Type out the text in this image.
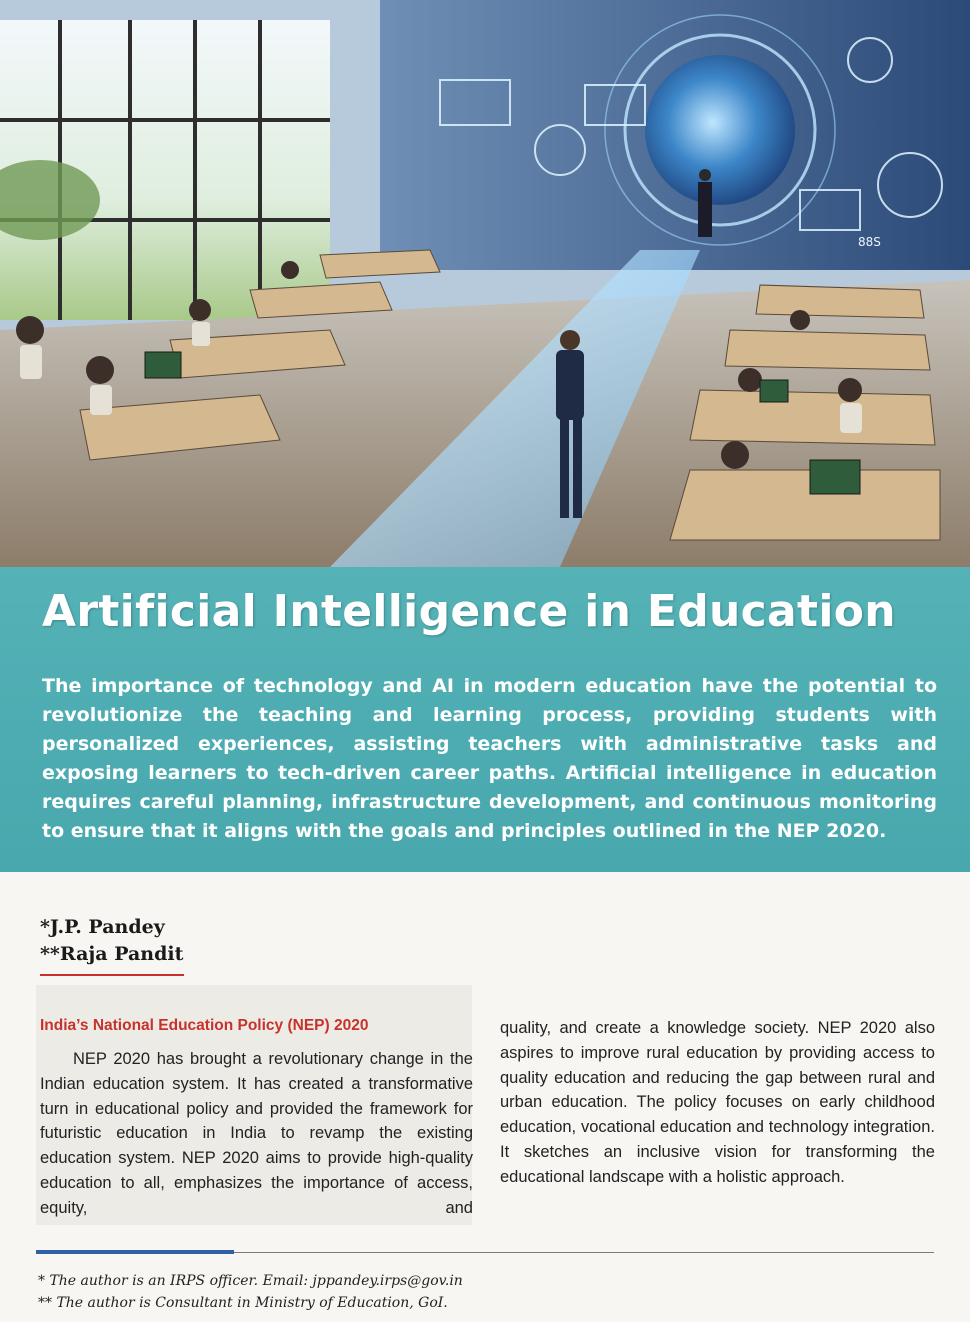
88S
Artificial Intelligence in Education
The importance of technology and AI in modern education have the potential to revolutionize the teaching and learning process, providing students with personalized experiences, assisting teachers with administrative tasks and exposing learners to tech-driven career paths. Artificial intelligence in education requires careful planning, infrastructure development, and continuous monitoring to ensure that it aligns with the goals and principles outlined in the NEP 2020.
*J.P. Pandey
**Raja Pandit
India’s National Education Policy (NEP) 2020
NEP 2020 has brought a revolutionary change in the Indian education system. It has created a transformative turn in educational policy and provided the framework for futuristic education in India to revamp the existing education system. NEP 2020 aims to provide high-quality education to all, emphasizes the importance of access, equity, and
quality, and create a knowledge society. NEP 2020 also aspires to improve rural education by providing access to quality education and reducing the gap between rural and urban education. The policy focuses on early childhood education, vocational education and technology integration. It sketches an inclusive vision for transforming the educational landscape with a holistic approach.
* The author is an IRPS officer. Email: jppandey.irps@gov.in
** The author is Consultant in Ministry of Education, GoI.
